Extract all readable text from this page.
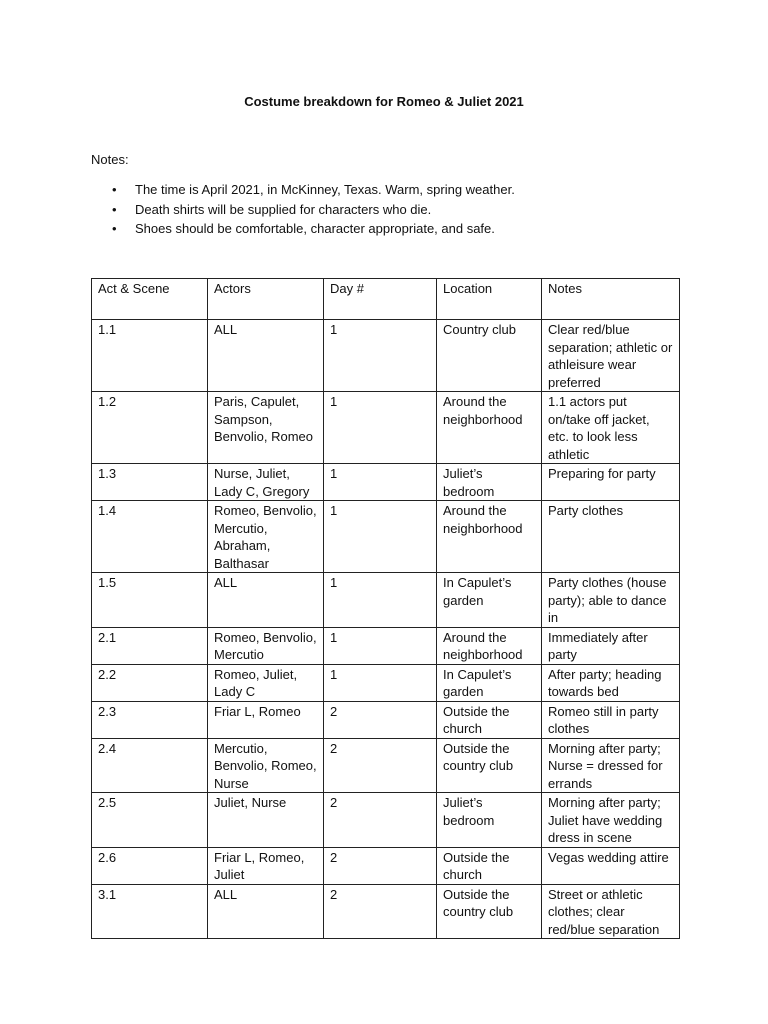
Costume breakdown for Romeo & Juliet 2021
Notes:
• The time is April 2021, in McKinney, Texas. Warm, spring weather.
• Death shirts will be supplied for characters who die.
• Shoes should be comfortable, character appropriate, and safe.
Act & Scene	Actors	Day #	Location	Notes
1.1	ALL	1	Country club	Clear red/blue separation; athletic or athleisure wear preferred
1.2	Paris, Capulet, Sampson, Benvolio, Romeo	1	Around the neighborhood	1.1 actors put on/take off jacket, etc. to look less athletic
1.3	Nurse, Juliet, Lady C, Gregory	1	Juliet’s bedroom	Preparing for party
1.4	Romeo, Benvolio, Mercutio, Abraham, Balthasar	1	Around the neighborhood	Party clothes
1.5	ALL	1	In Capulet’s garden	Party clothes (house party); able to dance in
2.1	Romeo, Benvolio, Mercutio	1	Around the neighborhood	Immediately after party
2.2	Romeo, Juliet, Lady C	1	In Capulet’s garden	After party; heading towards bed
2.3	Friar L, Romeo	2	Outside the church	Romeo still in party clothes
2.4	Mercutio, Benvolio, Romeo, Nurse	2	Outside the country club	Morning after party; Nurse = dressed for errands
2.5	Juliet, Nurse	2	Juliet’s bedroom	Morning after party; Juliet have wedding dress in scene
2.6	Friar L, Romeo, Juliet	2	Outside the church	Vegas wedding attire
3.1	ALL	2	Outside the country club	Street or athletic clothes; clear red/blue separation
